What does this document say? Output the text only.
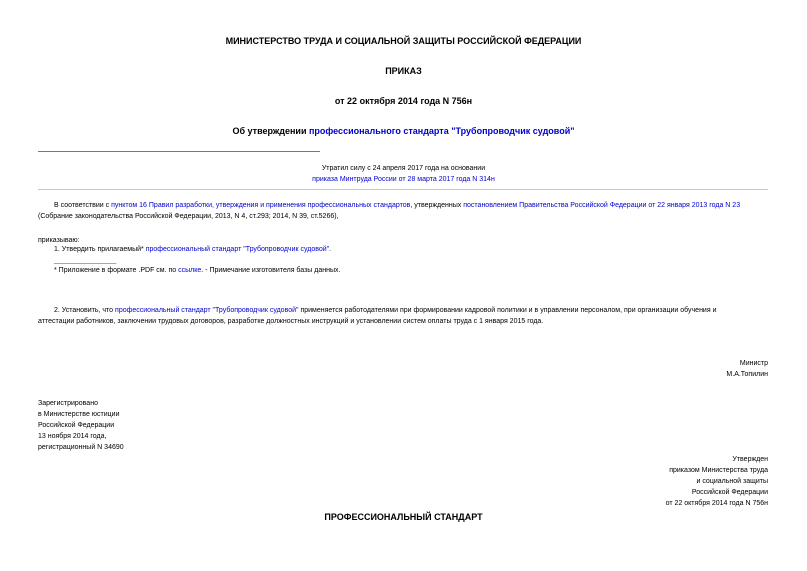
МИНИСТЕРСТВО ТРУДА И СОЦИАЛЬНОЙ ЗАЩИТЫ РОССИЙСКОЙ ФЕДЕРАЦИИ
ПРИКАЗ
от 22 октября 2014 года N 756н
Об утверждении профессионального стандарта "Трубопроводчик судовой"
Утратил силу с 24 апреля 2017 года на основании
приказа Минтруда России от 28 марта 2017 года N 314н
В соответствии с пунктом 16 Правил разработки, утверждения и применения профессиональных стандартов, утвержденных постановлением Правительства Российской Федерации от 22 января 2013 года N 23
(Собрание законодательства Российской Федерации, 2013, N 4, ст.293; 2014, N 39, ст.5266),
приказываю:
1. Утвердить прилагаемый* профессиональный стандарт "Трубопроводчик судовой".
________________
* Приложение в формате .PDF см. по ссылке. - Примечание изготовителя базы данных.
2. Установить, что профессиональный стандарт "Трубопроводчик судовой" применяется работодателями при формировании кадровой политики и в управлении персоналом, при организации обучения и
аттестации работников, заключении трудовых договоров, разработке должностных инструкций и установлении систем оплаты труда с 1 января 2015 года.
Министр
М.А.Топилин
Зарегистрировано
в Министерстве юстиции
Российской Федерации
13 ноября 2014 года,
регистрационный N 34690
Утвержден
приказом Министерства труда
и социальной защиты
Российской Федерации
от 22 октября 2014 года N 756н
ПРОФЕССИОНАЛЬНЫЙ СТАНДАРТ
